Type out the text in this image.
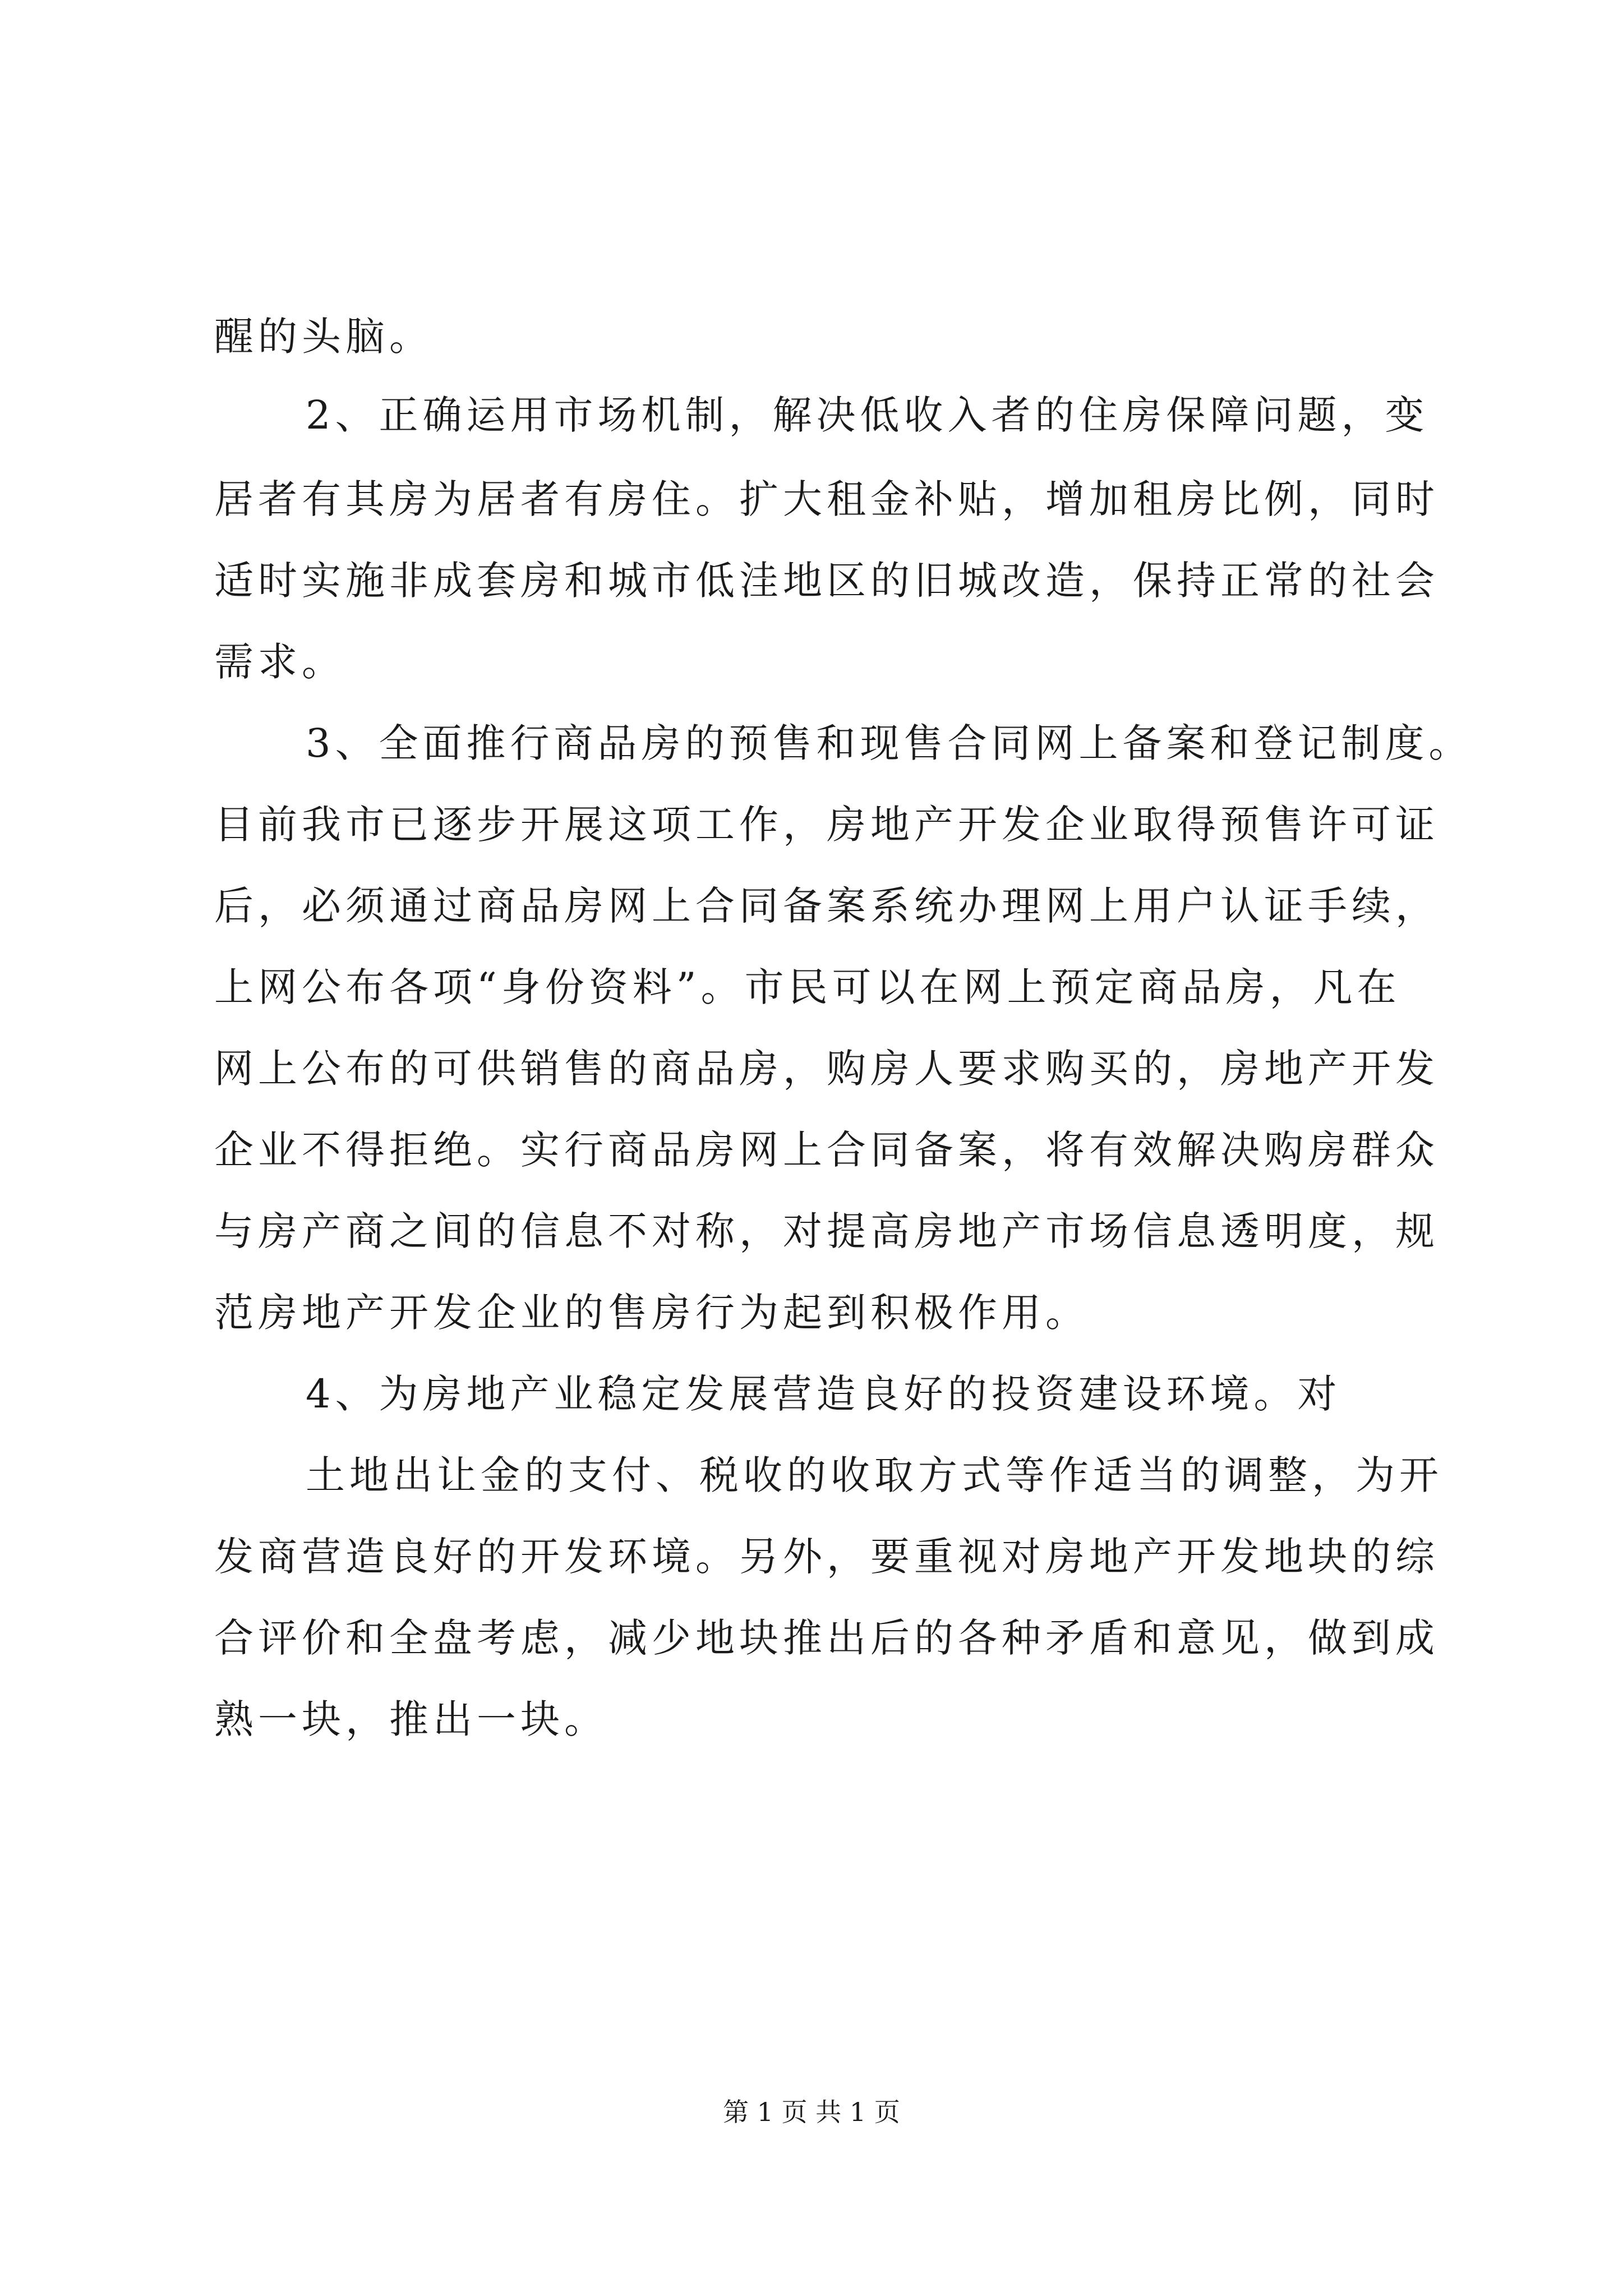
醒的头脑。
2、正确运用市场机制，解决低收入者的住房保障问题，变
居者有其房为居者有房住。扩大租金补贴，增加租房比例，同时
适时实施非成套房和城市低洼地区的旧城改造，保持正常的社会
需求。
3、全面推行商品房的预售和现售合同网上备案和登记制度。
目前我市已逐步开展这项工作，房地产开发企业取得预售许可证
后，必须通过商品房网上合同备案系统办理网上用户认证手续，
上网公布各项“身份资料”。市民可以在网上预定商品房，凡在
网上公布的可供销售的商品房，购房人要求购买的，房地产开发
企业不得拒绝。实行商品房网上合同备案，将有效解决购房群众
与房产商之间的信息不对称，对提高房地产市场信息透明度，规
范房地产开发企业的售房行为起到积极作用。
4、为房地产业稳定发展营造良好的投资建设环境。对
土地出让金的支付、税收的收取方式等作适当的调整，为开
发商营造良好的开发环境。另外，要重视对房地产开发地块的综
合评价和全盘考虑，减少地块推出后的各种矛盾和意见，做到成
熟一块，推出一块。
第 1 页 共 1 页
